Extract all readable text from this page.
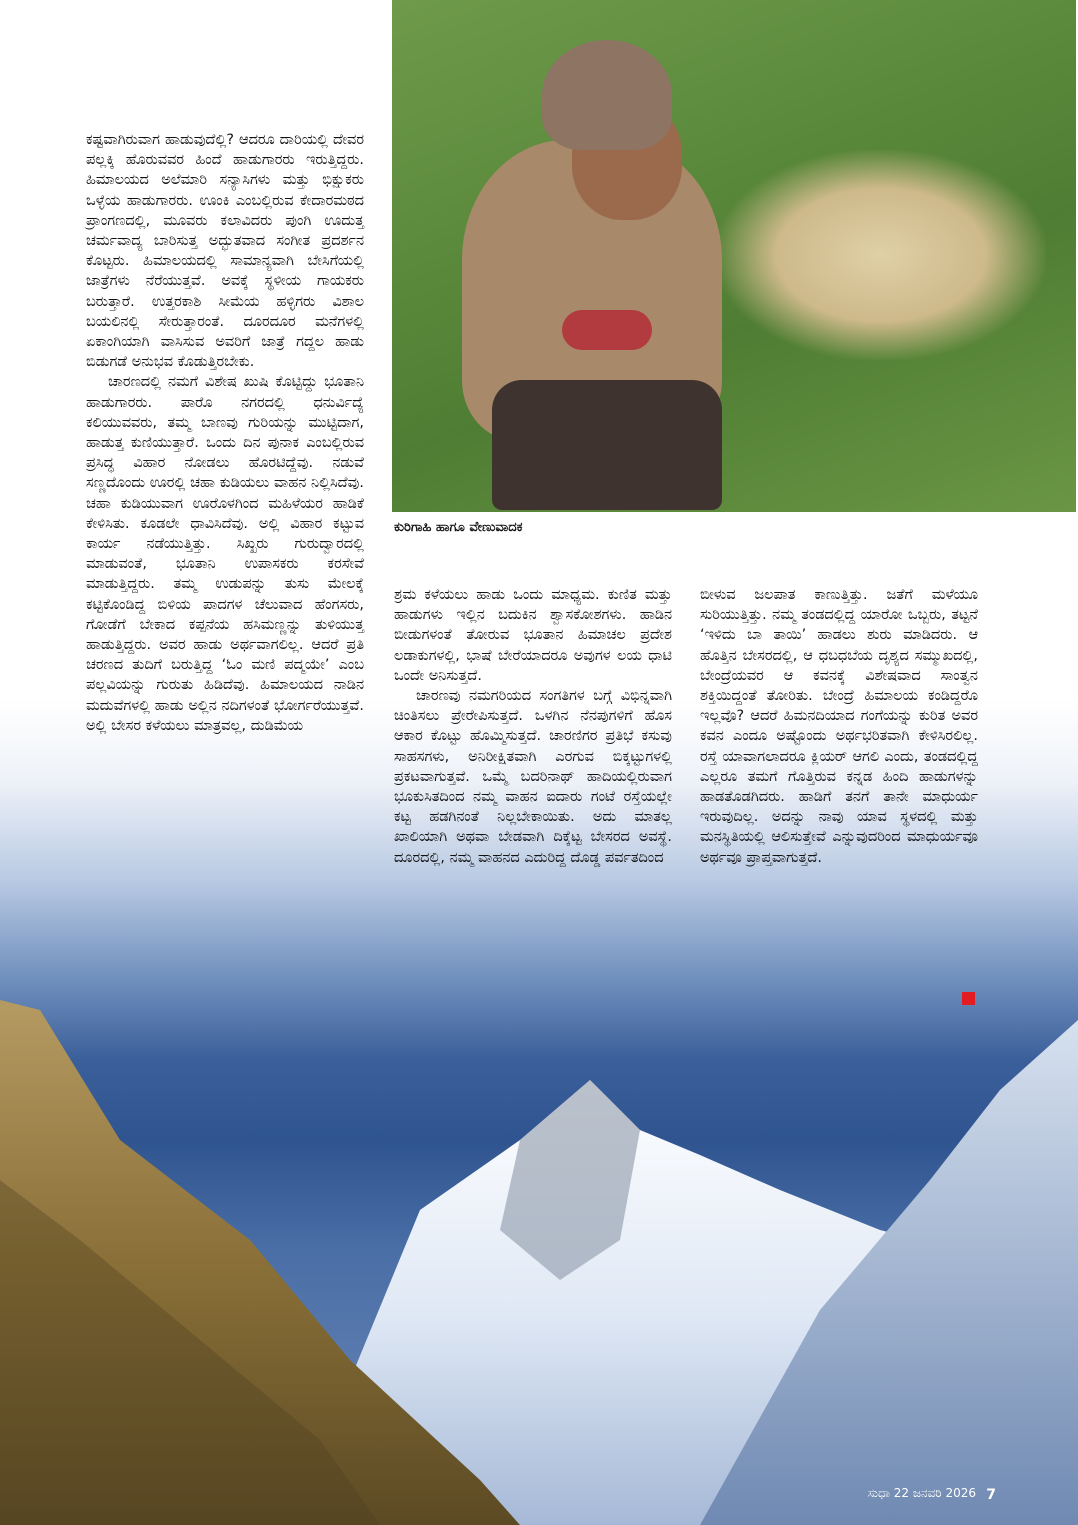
ಕುರಿಗಾಹಿ ಹಾಗೂ ವೇಣುವಾದಕ

ಕಷ್ಟವಾಗಿರುವಾಗ ಹಾಡುವುದೆಲ್ಲಿ? ಆದರೂ ದಾರಿಯಲ್ಲಿ ದೇವರ ಪಲ್ಲಕ್ಕಿ ಹೊರುವವರ ಹಿಂದೆ ಹಾಡುಗಾರರು ಇರುತ್ತಿದ್ದರು. ಹಿಮಾಲಯದ ಅಲೆಮಾರಿ ಸನ್ಯಾಸಿಗಳು ಮತ್ತು ಭಿಕ್ಷುಕರು ಒಳ್ಳೆಯ ಹಾಡುಗಾರರು. ಊಂಕಿ ಎಂಬಲ್ಲಿರುವ ಕೇದಾರಮಠದ ಪ್ರಾಂಗಣದಲ್ಲಿ, ಮೂವರು ಕಲಾವಿದರು ಪುಂಗಿ ಊದುತ್ತ ಚರ್ಮವಾದ್ಯ ಬಾರಿಸುತ್ತ ಅದ್ಭುತವಾದ ಸಂಗೀತ ಪ್ರದರ್ಶನ ಕೊಟ್ಟರು. ಹಿಮಾಲಯದಲ್ಲಿ ಸಾಮಾನ್ಯವಾಗಿ ಬೇಸಿಗೆಯಲ್ಲಿ ಜಾತ್ರೆಗಳು ನೆರೆಯುತ್ತವೆ. ಅವಕ್ಕೆ ಸ್ಥಳೀಯ ಗಾಯಕರು ಬರುತ್ತಾರೆ. ಉತ್ತರಕಾಶಿ ಸೀಮೆಯ ಹಳ್ಳಿಗರು ವಿಶಾಲ ಬಯಲಿನಲ್ಲಿ ಸೇರುತ್ತಾರಂತೆ. ದೂರದೂರ ಮನೆಗಳಲ್ಲಿ ಏಕಾಂಗಿಯಾಗಿ ವಾಸಿಸುವ ಅವರಿಗೆ ಜಾತ್ರೆ ಗದ್ದಲ ಹಾಡು ಬಿಡುಗಡೆ ಅನುಭವ ಕೊಡುತ್ತಿರಬೇಕು.

ಚಾರಣದಲ್ಲಿ ನಮಗೆ ವಿಶೇಷ ಖುಷಿ ಕೊಟ್ಟಿದ್ದು ಭೂತಾನಿ ಹಾಡುಗಾರರು. ಪಾರೊ ನಗರದಲ್ಲಿ ಧನುರ್ವಿದ್ಯೆ ಕಲಿಯುವವರು, ತಮ್ಮ ಬಾಣವು ಗುರಿಯನ್ನು ಮುಟ್ಟಿದಾಗ, ಹಾಡುತ್ತ ಕುಣಿಯುತ್ತಾರೆ. ಒಂದು ದಿನ ಪುನಾಕ ಎಂಬಲ್ಲಿರುವ ಪ್ರಸಿದ್ಧ ವಿಹಾರ ನೋಡಲು ಹೊರಟಿದ್ದೆವು. ನಡುವೆ ಸಣ್ಣದೊಂದು ಊರಲ್ಲಿ ಚಹಾ ಕುಡಿಯಲು ವಾಹನ ನಿಲ್ಲಿಸಿದೆವು. ಚಹಾ ಕುಡಿಯುವಾಗ ಊರೊಳಗಿಂದ ಮಹಿಳೆಯರ ಹಾಡಿಕೆ ಕೇಳಿಸಿತು. ಕೂಡಲೇ ಧಾವಿಸಿದೆವು. ಅಲ್ಲಿ ವಿಹಾರ ಕಟ್ಟುವ ಕಾರ್ಯ ನಡೆಯುತ್ತಿತ್ತು. ಸಿಖ್ಖರು ಗುರುದ್ವಾರದಲ್ಲಿ ಮಾಡುವಂತೆ, ಭೂತಾನಿ ಉಪಾಸಕರು ಕರಸೇವೆ ಮಾಡುತ್ತಿದ್ದರು. ತಮ್ಮ ಉಡುಪನ್ನು ತುಸು ಮೇಲಕ್ಕೆ ಕಟ್ಟಿಕೊಂಡಿದ್ದ ಬಿಳಿಯ ಪಾದಗಳ ಚೆಲುವಾದ ಹೆಂಗಸರು, ಗೋಡೆಗೆ ಬೇಕಾದ ಕಪ್ಪನೆಯ ಹಸಿಮಣ್ಣನ್ನು ತುಳಿಯುತ್ತ ಹಾಡುತ್ತಿದ್ದರು. ಅವರ ಹಾಡು ಅರ್ಥವಾಗಲಿಲ್ಲ. ಆದರೆ ಪ್ರತಿ ಚರಣದ ತುದಿಗೆ ಬರುತ್ತಿದ್ದ ‘ಓಂ ಮಣಿ ಪದ್ಮಯೇ’ ಎಂಬ ಪಲ್ಲವಿಯನ್ನು ಗುರುತು ಹಿಡಿದೆವು. ಹಿಮಾಲಯದ ನಾಡಿನ ಮದುವೆಗಳಲ್ಲಿ ಹಾಡು ಅಲ್ಲಿನ ನದಿಗಳಂತೆ ಭೋರ್ಗರೆಯುತ್ತವೆ. ಅಲ್ಲಿ ಬೇಸರ ಕಳೆಯಲು ಮಾತ್ರವಲ್ಲ, ದುಡಿಮೆಯ

ಶ್ರಮ ಕಳೆಯಲು ಹಾಡು ಒಂದು ಮಾಧ್ಯಮ. ಕುಣಿತ ಮತ್ತು ಹಾಡುಗಳು ಇಲ್ಲಿನ ಬದುಕಿನ ಶ್ವಾಸಕೋಶಗಳು. ಹಾಡಿನ ಬೀಡುಗಳಂತೆ ತೋರುವ ಭೂತಾನ ಹಿಮಾಚಲ ಪ್ರದೇಶ ಲಡಾಕುಗಳಲ್ಲಿ, ಭಾಷೆ ಬೇರೆಯಾದರೂ ಅವುಗಳ ಲಯ ಧಾಟಿ ಒಂದೇ ಅನಿಸುತ್ತದೆ.

ಚಾರಣವು ನಮಗರಿಯದ ಸಂಗತಿಗಳ ಬಗ್ಗೆ ವಿಭಿನ್ನವಾಗಿ ಚಿಂತಿಸಲು ಪ್ರೇರೇಪಿಸುತ್ತದೆ. ಒಳಗಿನ ನೆನಪುಗಳಿಗೆ ಹೊಸ ಆಕಾರ ಕೊಟ್ಟು ಹೊಮ್ಮಿಸುತ್ತದೆ. ಚಾರಣಿಗರ ಪ್ರತಿಭೆ ಕಸುವು ಸಾಹಸಗಳು, ಅನಿರೀಕ್ಷಿತವಾಗಿ ಎರಗುವ ಬಿಕ್ಕಟ್ಟುಗಳಲ್ಲಿ ಪ್ರಕಟವಾಗುತ್ತವೆ. ಒಮ್ಮೆ ಬದರಿನಾಥ್ ಹಾದಿಯಲ್ಲಿರುವಾಗ ಭೂಕುಸಿತದಿಂದ ನಮ್ಮ ವಾಹನ ಐದಾರು ಗಂಟೆ ರಸ್ತೆಯಲ್ಲೇ ಕಟ್ಟ ಹಡಗಿನಂತೆ ನಿಲ್ಲಬೇಕಾಯಿತು. ಅದು ಮಾತಲ್ಲ ಖಾಲಿಯಾಗಿ ಅಥವಾ ಬೇಡವಾಗಿ ದಿಕ್ಕೆಟ್ಟ ಬೇಸರದ ಅವಸ್ಥೆ. ದೂರದಲ್ಲಿ, ನಮ್ಮ ವಾಹನದ ಎದುರಿದ್ದ ದೊಡ್ಡ ಪರ್ವತದಿಂದ

ಬೀಳುವ ಜಲಪಾತ ಕಾಣುತ್ತಿತ್ತು. ಜತೆಗೆ ಮಳೆಯೂ ಸುರಿಯುತ್ತಿತ್ತು. ನಮ್ಮ ತಂಡದಲ್ಲಿದ್ದ ಯಾರೋ ಒಬ್ಬರು, ತಟ್ಟನೆ ‘ಇಳಿದು ಬಾ ತಾಯಿ’ ಹಾಡಲು ಶುರು ಮಾಡಿದರು. ಆ ಹೊತ್ತಿನ ಬೇಸರದಲ್ಲಿ, ಆ ಧಬಧಬೆಯ ದೃಶ್ಯದ ಸಮ್ಮುಖದಲ್ಲಿ, ಬೇಂದ್ರೆಯವರ ಆ ಕವನಕ್ಕೆ ವಿಶೇಷವಾದ ಸಾಂತ್ವನ ಶಕ್ತಿಯಿದ್ದಂತೆ ತೋರಿತು. ಬೇಂದ್ರೆ ಹಿಮಾಲಯ ಕಂಡಿದ್ದರೊ ಇಲ್ಲವೊ? ಆದರೆ ಹಿಮನದಿಯಾದ ಗಂಗೆಯನ್ನು ಕುರಿತ ಅವರ ಕವನ ಎಂದೂ ಅಷ್ಟೊಂದು ಅರ್ಥಭರಿತವಾಗಿ ಕೇಳಿಸಿರಲಿಲ್ಲ. ರಸ್ತೆ ಯಾವಾಗಲಾದರೂ ಕ್ಲಿಯರ್ ಆಗಲಿ ಎಂದು, ತಂಡದಲ್ಲಿದ್ದ ಎಲ್ಲರೂ ತಮಗೆ ಗೊತ್ತಿರುವ ಕನ್ನಡ ಹಿಂದಿ ಹಾಡುಗಳನ್ನು ಹಾಡತೊಡಗಿದರು. ಹಾಡಿಗೆ ತನಗೆ ತಾನೇ ಮಾಧುರ್ಯ ಇರುವುದಿಲ್ಲ. ಅದನ್ನು ನಾವು ಯಾವ ಸ್ಥಳದಲ್ಲಿ ಮತ್ತು ಮನಸ್ಥಿತಿಯಲ್ಲಿ ಆಲಿಸುತ್ತೇವೆ ಎನ್ನುವುದರಿಂದ ಮಾಧುರ್ಯವೂ ಅರ್ಥವೂ ಪ್ರಾಪ್ತವಾಗುತ್ತದೆ.

ಸುಧಾ 22 ಜನವರಿ 2026 7
